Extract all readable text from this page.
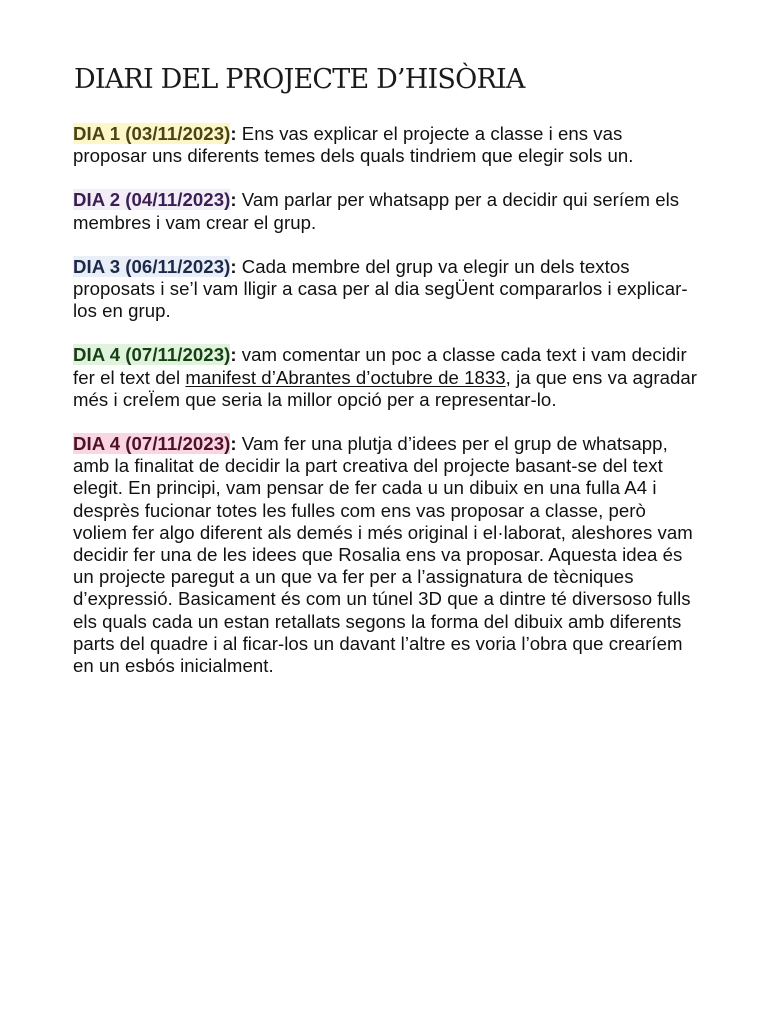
DIARI DEL PROJECTE D’HISÒRIA

DIA 1 (03/11/2023): Ens vas explicar el projecte a classe i ens vas proposar uns diferents temes dels quals tindriem que elegir sols un.

DIA 2 (04/11/2023): Vam parlar per whatsapp per a decidir qui seríem els membres i vam crear el grup.

DIA 3 (06/11/2023): Cada membre del grup va elegir un dels textos proposats i se’l vam lligir a casa per al dia segÜent compararlos i explicar-los en grup.

DIA 4 (07/11/2023): vam comentar un poc a classe cada text i vam decidir fer el text del manifest d’Abrantes d’octubre de 1833, ja que ens va agradar més i creÏem que seria la millor opció per a representar-lo.

DIA 4 (07/11/2023): Vam fer una plutja d’idees per el grup de whatsapp, amb la finalitat de decidir la part creativa del projecte basant-se del text elegit. En principi, vam pensar de fer cada u un dibuix en una fulla A4 i desprès fucionar totes les fulles com ens vas proposar a classe, però voliem fer algo diferent als demés i més original i el·laborat, aleshores vam decidir fer una de les idees que Rosalia ens va proposar. Aquesta idea és un projecte paregut a un que va fer per a l’assignatura de tècniques d’expressió. Basicament és com un túnel 3D que a dintre té diversoso fulls els quals cada un estan retallats segons la forma del dibuix amb diferents parts del quadre i al ficar-los un davant l’altre es voria l’obra que crearíem en un esbós inicialment.
